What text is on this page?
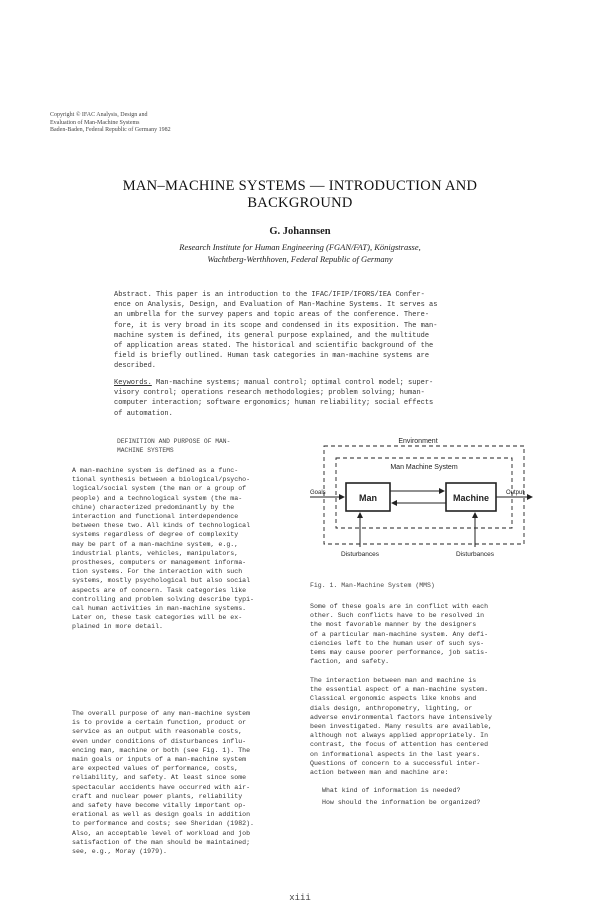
Copyright © IFAC Analysis, Design and
Evaluation of Man-Machine Systems
Baden-Baden, Federal Republic of Germany 1982
MAN–MACHINE SYSTEMS — INTRODUCTION AND
BACKGROUND
G. Johannsen
Research Institute for Human Engineering (FGAN/FAT), Königstrasse,
Wachtberg-Werthhoven, Federal Republic of Germany
Abstract. This paper is an introduction to the IFAC/IFIP/IFORS/IEA Confer-
ence on Analysis, Design, and Evaluation of Man-Machine Systems. It serves as
an umbrella for the survey papers and topic areas of the conference. There-
fore, it is very broad in its scope and condensed in its exposition. The man-
machine system is defined, its general purpose explained, and the multitude
of application areas stated. The historical and scientific background of the
field is briefly outlined. Human task categories in man-machine systems are
described.
Keywords. Man-machine systems; manual control; optimal control model; super-
visory control; operations research methodologies; problem solving; human-
computer interaction; software ergonomics; human reliability; social effects
of automation.
DEFINITION AND PURPOSE OF MAN-
MACHINE SYSTEMS
A man-machine system is defined as a func-
tional synthesis between a biological/psycho-
logical/social system (the man or a group of
people) and a technological system (the ma-
chine) characterized predominantly by the
interaction and functional interdependence
between these two. All kinds of technological
systems regardless of degree of complexity
may be part of a man-machine system, e.g.,
industrial plants, vehicles, manipulators,
prostheses, computers or management informa-
tion systems. For the interaction with such
systems, mostly psychological but also social
aspects are of concern. Task categories like
controlling and problem solving describe typi-
cal human activities in man-machine systems.
Later on, these task categories will be ex-
plained in more detail.
The overall purpose of any man-machine system
is to provide a certain function, product or
service as an output with reasonable costs,
even under conditions of disturbances influ-
encing man, machine or both (see Fig. 1). The
main goals or inputs of a man-machine system
are expected values of performance, costs,
reliability, and safety. At least since some
spectacular accidents have occurred with air-
craft and nuclear power plants, reliability
and safety have become vitally important op-
erational as well as design goals in addition
to performance and costs; see Sheridan (1982).
Also, an acceptable level of workload and job
satisfaction of the man should be maintained;
see, e.g., Moray (1979).
Environment
Man Machine System
Man	Machine
Goals	Output
Disturbances	Disturbances
Fig. 1. Man-Machine System (MMS)
Some of these goals are in conflict with each
other. Such conflicts have to be resolved in
the most favorable manner by the designers
of a particular man-machine system. Any defi-
ciencies left to the human user of such sys-
tems may cause poorer performance, job satis-
faction, and safety.
The interaction between man and machine is
the essential aspect of a man-machine system.
Classical ergonomic aspects like knobs and
dials design, anthropometry, lighting, or
adverse environmental factors have intensively
been investigated. Many results are available,
although not always applied appropriately. In
contrast, the focus of attention has centered
on informational aspects in the last years.
Questions of concern to a successful inter-
action between man and machine are:
What kind of information is needed?
How should the information be organized?
xiii
